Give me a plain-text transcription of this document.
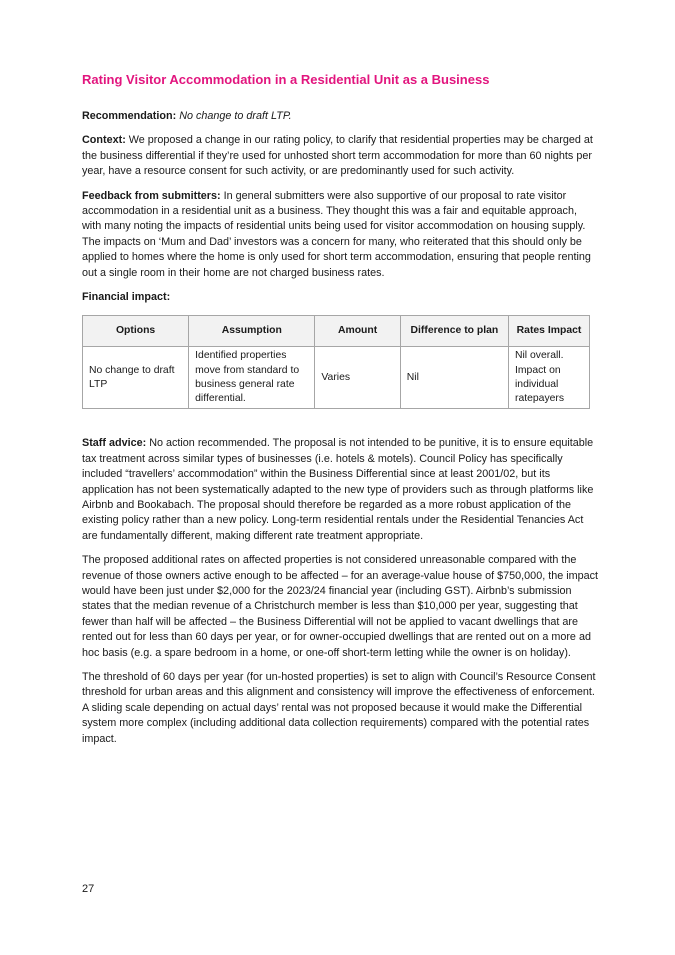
Rating Visitor Accommodation in a Residential Unit as a Business

Recommendation: No change to draft LTP.

Context: We proposed a change in our rating policy, to clarify that residential properties may be charged at the business differential if they’re used for unhosted short term accommodation for more than 60 nights per year, have a resource consent for such activity, or are predominantly used for such activity.

Feedback from submitters: In general submitters were also supportive of our proposal to rate visitor accommodation in a residential unit as a business. They thought this was a fair and equitable approach, with many noting the impacts of residential units being used for visitor accommodation on housing supply. The impacts on ‘Mum and Dad’ investors was a concern for many, who reiterated that this should only be applied to homes where the home is only used for short term accommodation, ensuring that people renting out a single room in their home are not charged business rates.

Financial impact:

Options	Assumption	Amount	Difference to plan	Rates Impact
No change to draft LTP	Identified properties move from standard to business general rate differential.	Varies	Nil	Nil overall. Impact on individual ratepayers

Staff advice: No action recommended. The proposal is not intended to be punitive, it is to ensure equitable tax treatment across similar types of businesses (i.e. hotels & motels). Council Policy has specifically included “travellers’ accommodation” within the Business Differential since at least 2001/02, but its application has not been systematically adapted to the new type of providers such as through platforms like Airbnb and Bookabach. The proposal should therefore be regarded as a more robust application of the existing policy rather than a new policy. Long-term residential rentals under the Residential Tenancies Act are fundamentally different, making different rate treatment appropriate.

The proposed additional rates on affected properties is not considered unreasonable compared with the revenue of those owners active enough to be affected – for an average-value house of $750,000, the impact would have been just under $2,000 for the 2023/24 financial year (including GST). Airbnb’s submission states that the median revenue of a Christchurch member is less than $10,000 per year, suggesting that fewer than half will be affected – the Business Differential will not be applied to vacant dwellings that are rented out for less than 60 days per year, or for owner-occupied dwellings that are rented out on a more ad hoc basis (e.g. a spare bedroom in a home, or one-off short-term letting while the owner is on holiday).

The threshold of 60 days per year (for un-hosted properties) is set to align with Council’s Resource Consent threshold for urban areas and this alignment and consistency will improve the effectiveness of enforcement. A sliding scale depending on actual days’ rental was not proposed because it would make the Differential system more complex (including additional data collection requirements) compared with the potential rates impact.

27
